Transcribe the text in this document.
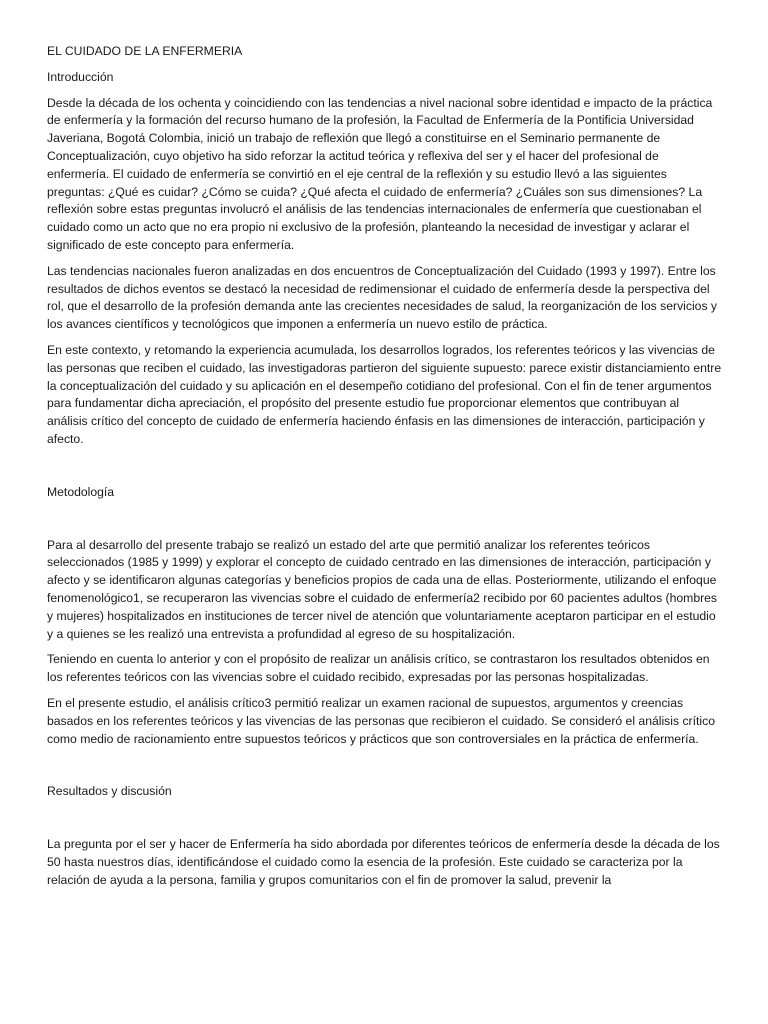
EL CUIDADO DE LA ENFERMERIA

Introducción

Desde la década de los ochenta y coincidiendo con las tendencias a nivel nacional sobre identidad e impacto de la práctica de enfermería y la formación del recurso humano de la profesión, la Facultad de Enfermería de la Pontificia Universidad Javeriana, Bogotá Colombia, inició un trabajo de reflexión que llegó a constituirse en el Seminario permanente de Conceptualización, cuyo objetivo ha sido reforzar la actitud teórica y reflexiva del ser y el hacer del profesional de enfermería. El cuidado de enfermería se convirtió en el eje central de la reflexión y su estudio llevó a las siguientes preguntas: ¿Qué es cuidar? ¿Cómo se cuida? ¿Qué afecta el cuidado de enfermería? ¿Cuáles son sus dimensiones? La reflexión sobre estas preguntas involucró el análisis de las tendencias internacionales de enfermería que cuestionaban el cuidado como un acto que no era propio ni exclusivo de la profesión, planteando la necesidad de investigar y aclarar el significado de este concepto para enfermería.

Las tendencias nacionales fueron analizadas en dos encuentros de Conceptualización del Cuidado (1993 y 1997). Entre los resultados de dichos eventos se destacó la necesidad de redimensionar el cuidado de enfermería desde la perspectiva del rol, que el desarrollo de la profesión demanda ante las crecientes necesidades de salud, la reorganización de los servicios y los avances científicos y tecnológicos que imponen a enfermería un nuevo estilo de práctica.

En este contexto, y retomando la experiencia acumulada, los desarrollos logrados, los referentes teóricos y las vivencias de las personas que reciben el cuidado, las investigadoras partieron del siguiente supuesto: parece existir distanciamiento entre la conceptualización del cuidado y su aplicación en el desempeño cotidiano del profesional. Con el fin de tener argumentos para fundamentar dicha apreciación, el propósito del presente estudio fue proporcionar elementos que contribuyan al análisis crítico del concepto de cuidado de enfermería haciendo énfasis en las dimensiones de interacción, participación y afecto.

Metodología

Para al desarrollo del presente trabajo se realizó un estado del arte que permitió analizar los referentes teóricos seleccionados (1985 y 1999) y explorar el concepto de cuidado centrado en las dimensiones de interacción, participación y afecto y se identificaron algunas categorías y beneficios propios de cada una de ellas. Posteriormente, utilizando el enfoque fenomenológico1, se recuperaron las vivencias sobre el cuidado de enfermería2 recibido por 60 pacientes adultos (hombres y mujeres) hospitalizados en instituciones de tercer nivel de atención que voluntariamente aceptaron participar en el estudio y a quienes se les realizó una entrevista a profundidad al egreso de su hospitalización.

Teniendo en cuenta lo anterior y con el propósito de realizar un análisis crítico, se contrastaron los resultados obtenidos en los referentes teóricos con las vivencias sobre el cuidado recibido, expresadas por las personas hospitalizadas.

En el presente estudio, el análisis crítico3 permitió realizar un examen racional de supuestos, argumentos y creencias basados en los referentes teóricos y las vivencias de las personas que recibieron el cuidado. Se consideró el análisis crítico como medio de racionamiento entre supuestos teóricos y prácticos que son controversiales en la práctica de enfermería.

Resultados y discusión

La pregunta por el ser y hacer de Enfermería ha sido abordada por diferentes teóricos de enfermería desde la década de los 50 hasta nuestros días, identificándose el cuidado como la esencia de la profesión. Este cuidado se caracteriza por la relación de ayuda a la persona, familia y grupos comunitarios con el fin de promover la salud, prevenir la
